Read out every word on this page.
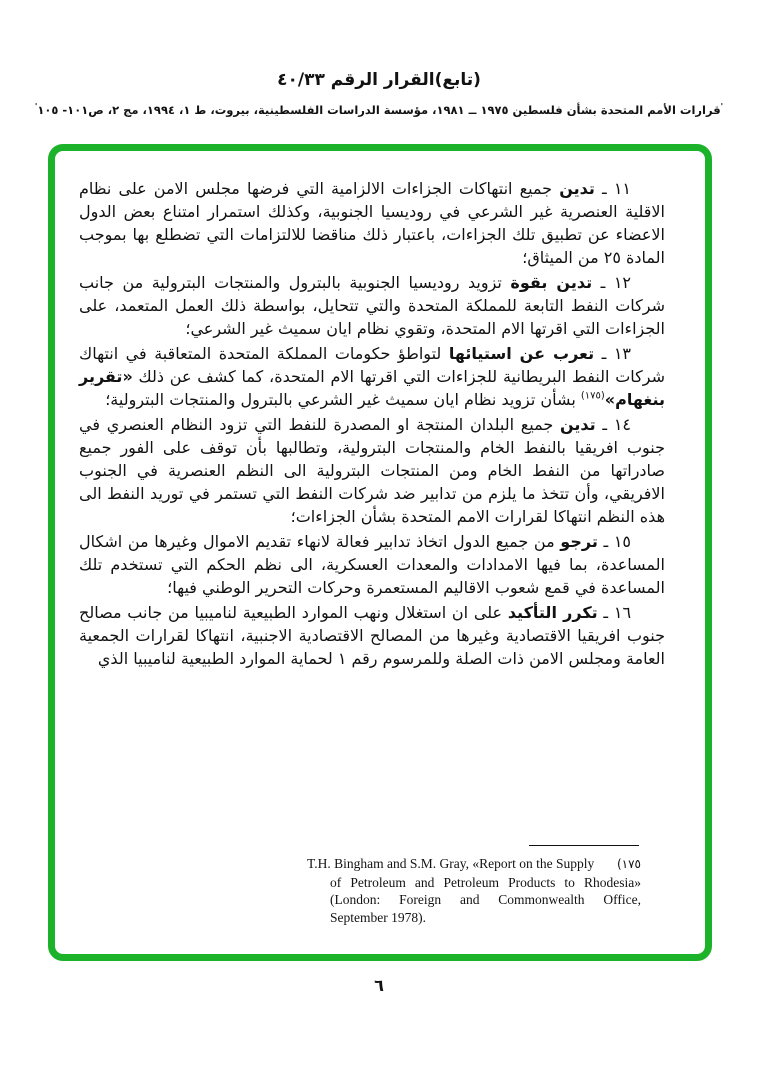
(تابع)القرار الرقم ٤٠/٣٣
'قرارات الأمم المتحدة بشأن فلسطين ١٩٧٥ ــ ١٩٨١، مؤسسة الدراسات الفلسطينية، بيروت، ط ١، ١٩٩٤، مج ٢، ص١٠١- ١٠٥'

١١ ـ تدين جميع انتهاكات الجزاءات الالزامية التي فرضها مجلس الامن على نظام الاقلية العنصرية غير الشرعي في روديسيا الجنوبية، وكذلك استمرار امتناع بعض الدول الاعضاء عن تطبيق تلك الجزاءات، باعتبار ذلك مناقضا للالتزامات التي تضطلع بها بموجب المادة ٢٥ من الميثاق؛

١٢ ـ تدين بقوة تزويد روديسيا الجنوبية بالبترول والمنتجات البترولية من جانب شركات النفط التابعة للمملكة المتحدة والتي تتحايل، بواسطة ذلك العمل المتعمد، على الجزاءات التي اقرتها الام المتحدة، وتقوي نظام ايان سميث غير الشرعي؛

١٣ ـ تعرب عن استيائها لتواطؤ حكومات المملكة المتحدة المتعاقبة في انتهاك شركات النفط البريطانية للجزاءات التي اقرتها الام المتحدة، كما كشف عن ذلك «تقرير بنغهام»$^{(١٧٥)}$ بشأن تزويد نظام ايان سميث غير الشرعي بالبترول والمنتجات البترولية؛

١٤ ـ تدين جميع البلدان المنتجة او المصدرة للنفط التي تزود النظام العنصري في جنوب افريقيا بالنفط الخام والمنتجات البترولية، وتطالبها بأن توقف على الفور جميع صادراتها من النفط الخام ومن المنتجات البترولية الى النظم العنصرية في الجنوب الافريقي، وأن تتخذ ما يلزم من تدابير ضد شركات النفط التي تستمر في توريد النفط الى هذه النظم انتهاكا لقرارات الامم المتحدة بشأن الجزاءات؛

١٥ ـ ترجو من جميع الدول اتخاذ تدابير فعالة لانهاء تقديم الاموال وغيرها من اشكال المساعدة، بما فيها الامدادات والمعدات العسكرية، الى نظم الحكم التي تستخدم تلك المساعدة في قمع شعوب الاقاليم المستعمرة وحركات التحرير الوطني فيها؛

١٦ ـ تكرر التأكيد على ان استغلال ونهب الموارد الطبيعية لناميبيا من جانب مصالح جنوب افريقيا الاقتصادية وغيرها من المصالح الاقتصادية الاجنبية، انتهاكا لقرارات الجمعية العامة ومجلس الامن ذات الصلة وللمرسوم رقم ١ لحماية الموارد الطبيعية لناميبيا الذي

T.H. Bingham and S.M. Gray, «Report on the Supply (١٧٥
of Petroleum and Petroleum Products to Rhodesia»
(London: Foreign and Commonwealth Office,
September 1978).
٦
